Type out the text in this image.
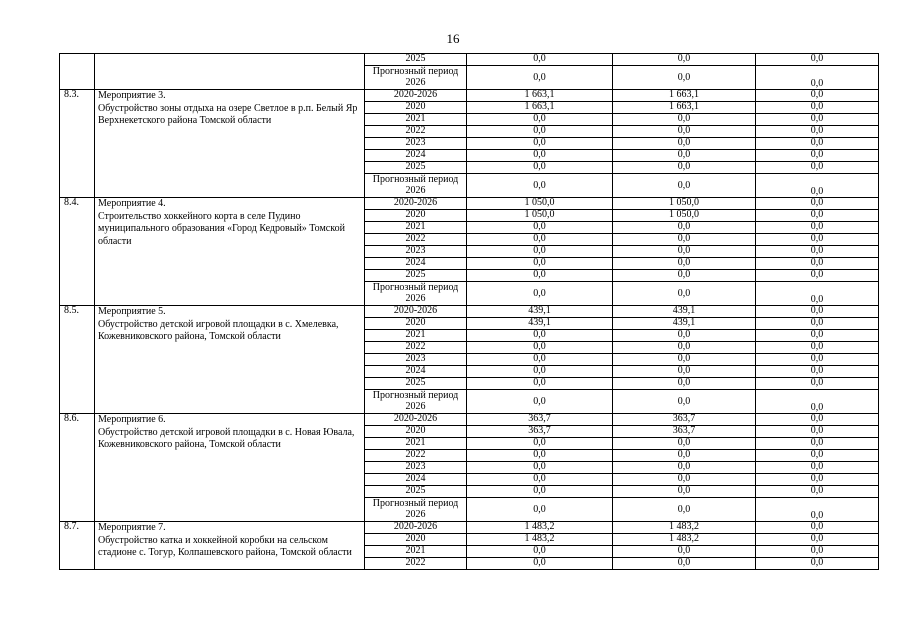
16
		2025	0,0	0,0	0,0
		Прогнозный период 2026	0,0	0,0	0,0
8.3.	Мероприятие 3.
Обустройство зоны отдыха на озере Светлое в р.п. Белый Яр Верхнекетского района Томской области	2020-2026	1 663,1	1 663,1	0,0
		2020	1 663,1	1 663,1	0,0
		2021	0,0	0,0	0,0
		2022	0,0	0,0	0,0
		2023	0,0	0,0	0,0
		2024	0,0	0,0	0,0
		2025	0,0	0,0	0,0
		Прогнозный период 2026	0,0	0,0	0,0
8.4.	Мероприятие 4.
Строительство хоккейного корта в селе Пудино муниципального образования «Город Кедровый» Томской области	2020-2026	1 050,0	1 050,0	0,0
		2020	1 050,0	1 050,0	0,0
		2021	0,0	0,0	0,0
		2022	0,0	0,0	0,0
		2023	0,0	0,0	0,0
		2024	0,0	0,0	0,0
		2025	0,0	0,0	0,0
		Прогнозный период 2026	0,0	0,0	0,0
8.5.	Мероприятие 5.
Обустройство детской игровой площадки в с. Хмелевка, Кожевниковского района, Томской области	2020-2026	439,1	439,1	0,0
		2020	439,1	439,1	0,0
		2021	0,0	0,0	0,0
		2022	0,0	0,0	0,0
		2023	0,0	0,0	0,0
		2024	0,0	0,0	0,0
		2025	0,0	0,0	0,0
		Прогнозный период 2026	0,0	0,0	0,0
8.6.	Мероприятие 6.
Обустройство детской игровой площадки в с. Новая Ювала, Кожевниковского района, Томской области	2020-2026	363,7	363,7	0,0
		2020	363,7	363,7	0,0
		2021	0,0	0,0	0,0
		2022	0,0	0,0	0,0
		2023	0,0	0,0	0,0
		2024	0,0	0,0	0,0
		2025	0,0	0,0	0,0
		Прогнозный период 2026	0,0	0,0	0,0
8.7.	Мероприятие 7.
Обустройство катка и хоккейной коробки на сельском стадионе с. Тогур, Колпашевского района, Томской области	2020-2026	1 483,2	1 483,2	0,0
		2020	1 483,2	1 483,2	0,0
		2021	0,0	0,0	0,0
		2022	0,0	0,0	0,0
